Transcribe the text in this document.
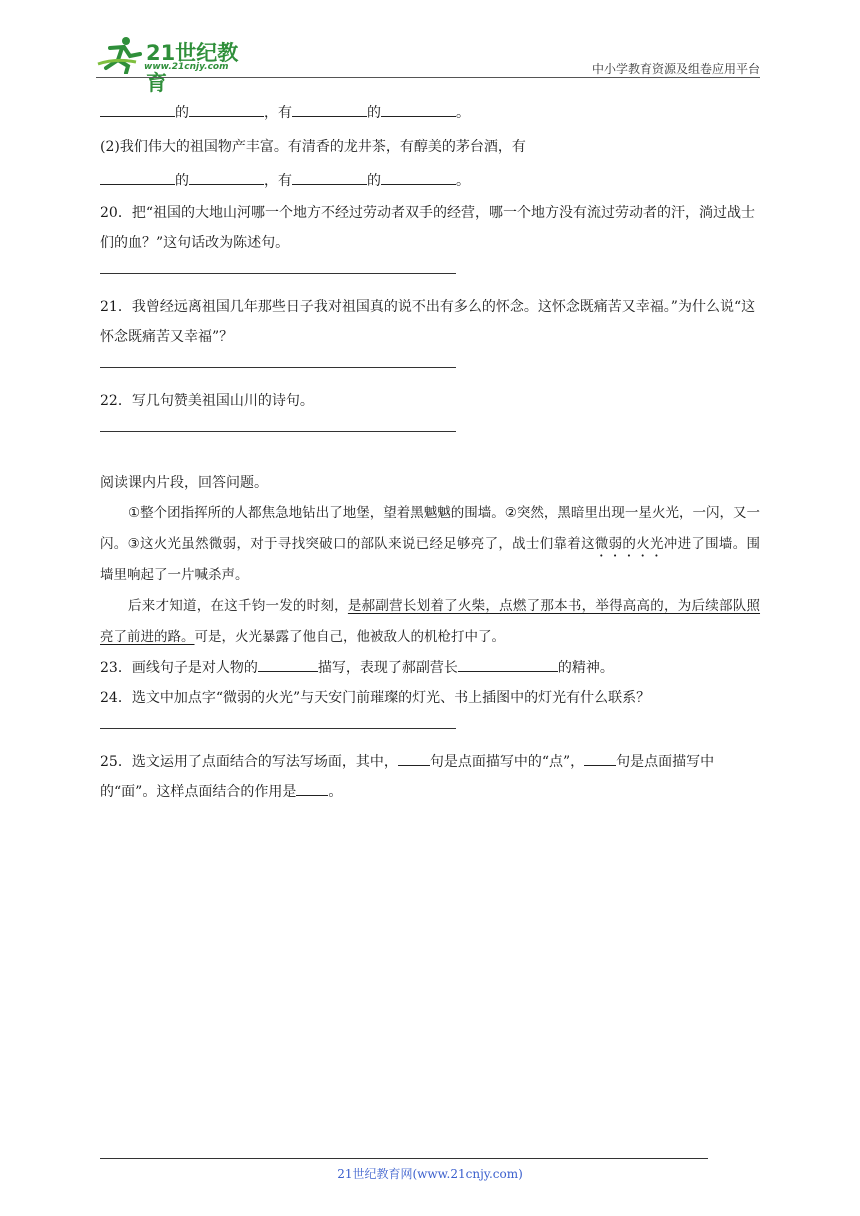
21世纪教育
www.21cnjy.com	中小学教育资源及组卷应用平台

的	，有	的	。

(2)我们伟大的祖国物产丰富。有清香的龙井茶，有醇美的茅台酒，有

的	，有	的	。

20．把“祖国的大地山河哪一个地方不经过劳动者双手的经营，哪一个地方没有流过劳动者的汗，淌过战士们的血？”这句话改为陈述句。

21．我曾经远离祖国几年那些日子我对祖国真的说不出有多么的怀念。这怀念既痛苦又幸福。”为什么说“这怀念既痛苦又幸福”？

22．写几句赞美祖国山川的诗句。

阅读课内片段，回答问题。

①整个团指挥所的人都焦急地钻出了地堡，望着黑魆魆的围墙。②突然，黑暗里出现一星火光，一闪，又一闪。③这火光虽然微弱，对于寻找突破口的部队来说已经足够亮了，战士们靠着这微弱的火光冲进了围墙。围墙里响起了一片喊杀声。

后来才知道，在这千钧一发的时刻，是郝副营长划着了火柴，点燃了那本书，举得高高的，为后续部队照亮了前进的路。可是，火光暴露了他自己，他被敌人的机枪打中了。

23．画线句子是对人物的	描写，表现了郝副营长	的精神。

24．选文中加点字“微弱的火光”与天安门前璀璨的灯光、书上插图中的灯光有什么联系？

25．选文运用了点面结合的写法写场面，其中， 句是点面描写中的“点”， 句是点面描写中的“面”。这样点面结合的作用是 。

21世纪教育网(www.21cnjy.com)
